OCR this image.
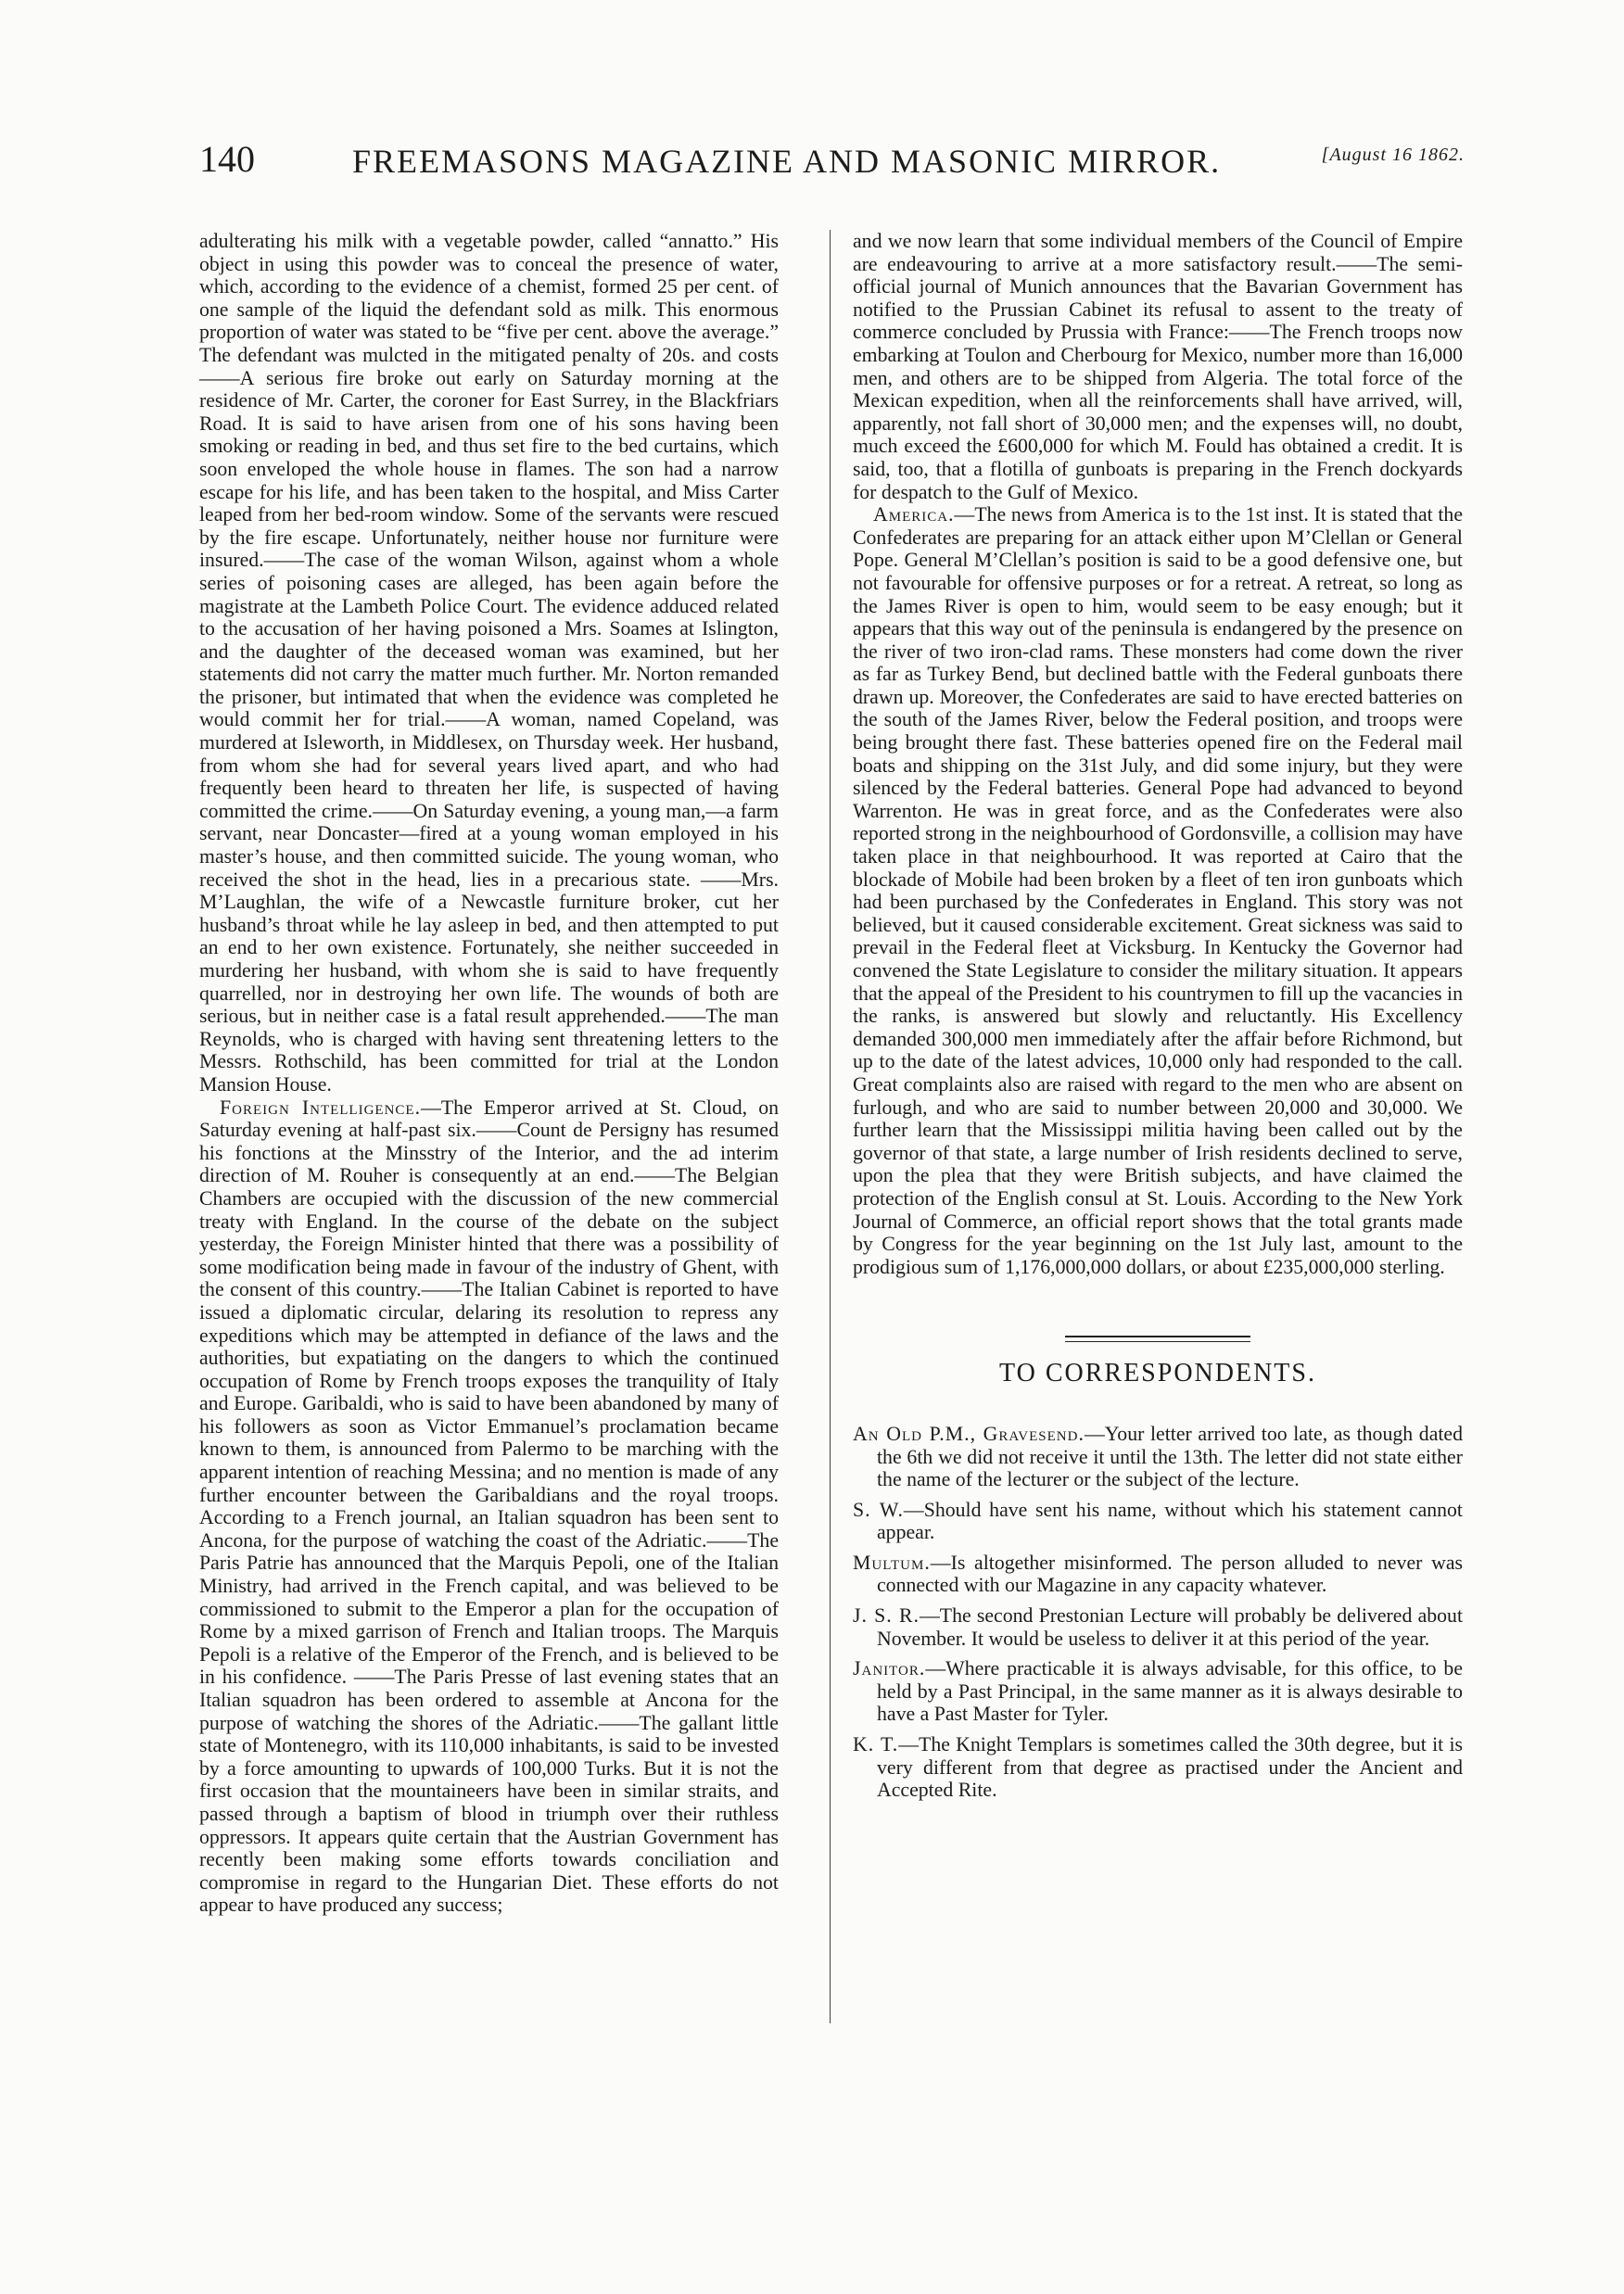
140	FREEMASONS MAGAZINE AND MASONIC MIRROR.	[August 16 1862.

adulterating his milk with a vegetable powder, called “annatto.” His object in using this powder was to conceal the presence of water, which, according to the evidence of a chemist, formed 25 per cent. of one sample of the liquid the defendant sold as milk. This enormous proportion of water was stated to be “five per cent. above the average.” The defendant was mulcted in the mitigated penalty of 20s. and costs——A serious fire broke out early on Saturday morning at the residence of Mr. Carter, the coroner for East Surrey, in the Blackfriars Road. It is said to have arisen from one of his sons having been smoking or reading in bed, and thus set fire to the bed curtains, which soon enveloped the whole house in flames. The son had a narrow escape for his life, and has been taken to the hospital, and Miss Carter leaped from her bed-room window. Some of the servants were rescued by the fire escape. Unfortunately, neither house nor furniture were insured.——The case of the woman Wilson, against whom a whole series of poisoning cases are alleged, has been again before the magistrate at the Lambeth Police Court. The evidence adduced related to the accusation of her having poisoned a Mrs. Soames at Islington, and the daughter of the deceased woman was examined, but her statements did not carry the matter much further. Mr. Norton remanded the prisoner, but intimated that when the evidence was completed he would commit her for trial.——A woman, named Copeland, was murdered at Isleworth, in Middlesex, on Thursday week. Her husband, from whom she had for several years lived apart, and who had frequently been heard to threaten her life, is suspected of having committed the crime.——On Saturday evening, a young man,—a farm servant, near Doncaster—fired at a young woman employed in his master’s house, and then committed suicide. The young woman, who received the shot in the head, lies in a precarious state. ——Mrs. M’Laughlan, the wife of a Newcastle furniture broker, cut her husband’s throat while he lay asleep in bed, and then attempted to put an end to her own existence. Fortunately, she neither succeeded in murdering her husband, with whom she is said to have frequently quarrelled, nor in destroying her own life. The wounds of both are serious, but in neither case is a fatal result apprehended.——The man Reynolds, who is charged with having sent threatening letters to the Messrs. Rothschild, has been committed for trial at the London Mansion House.

Foreign Intelligence.—The Emperor arrived at St. Cloud, on Saturday evening at half-past six.——Count de Persigny has resumed his fonctions at the Minsstry of the Interior, and the ad interim direction of M. Rouher is consequently at an end.——The Belgian Chambers are occupied with the discussion of the new commercial treaty with England. In the course of the debate on the subject yesterday, the Foreign Minister hinted that there was a possibility of some modification being made in favour of the industry of Ghent, with the consent of this country.——The Italian Cabinet is reported to have issued a diplomatic circular, delaring its resolution to repress any expeditions which may be attempted in defiance of the laws and the authorities, but expatiating on the dangers to which the continued occupation of Rome by French troops exposes the tranquility of Italy and Europe. Garibaldi, who is said to have been abandoned by many of his followers as soon as Victor Emmanuel’s proclamation became known to them, is announced from Palermo to be marching with the apparent intention of reaching Messina; and no mention is made of any further encounter between the Garibaldians and the royal troops. According to a French journal, an Italian squadron has been sent to Ancona, for the purpose of watching the coast of the Adriatic.——The Paris Patrie has announced that the Marquis Pepoli, one of the Italian Ministry, had arrived in the French capital, and was believed to be commissioned to submit to the Emperor a plan for the occupation of Rome by a mixed garrison of French and Italian troops. The Marquis Pepoli is a relative of the Emperor of the French, and is believed to be in his confidence. ——The Paris Presse of last evening states that an Italian squadron has been ordered to assemble at Ancona for the purpose of watching the shores of the Adriatic.——The gallant little state of Montenegro, with its 110,000 inhabitants, is said to be invested by a force amounting to upwards of 100,000 Turks. But it is not the first occasion that the mountaineers have been in similar straits, and passed through a baptism of blood in triumph over their ruthless oppressors. It appears quite certain that the Austrian Government has recently been making some efforts towards conciliation and compromise in regard to the Hungarian Diet. These efforts do not appear to have produced any success;

and we now learn that some individual members of the Council of Empire are endeavouring to arrive at a more satisfactory result.——The semi-official journal of Munich announces that the Bavarian Government has notified to the Prussian Cabinet its refusal to assent to the treaty of commerce concluded by Prussia with France:——The French troops now embarking at Toulon and Cherbourg for Mexico, number more than 16,000 men, and others are to be shipped from Algeria. The total force of the Mexican expedition, when all the reinforcements shall have arrived, will, apparently, not fall short of 30,000 men; and the expenses will, no doubt, much exceed the £600,000 for which M. Fould has obtained a credit. It is said, too, that a flotilla of gunboats is preparing in the French dockyards for despatch to the Gulf of Mexico.

America.—The news from America is to the 1st inst. It is stated that the Confederates are preparing for an attack either upon M’Clellan or General Pope. General M’Clellan’s position is said to be a good defensive one, but not favourable for offensive purposes or for a retreat. A retreat, so long as the James River is open to him, would seem to be easy enough; but it appears that this way out of the peninsula is endangered by the presence on the river of two iron-clad rams. These monsters had come down the river as far as Turkey Bend, but declined battle with the Federal gunboats there drawn up. Moreover, the Confederates are said to have erected batteries on the south of the James River, below the Federal position, and troops were being brought there fast. These batteries opened fire on the Federal mail boats and shipping on the 31st July, and did some injury, but they were silenced by the Federal batteries. General Pope had advanced to beyond Warrenton. He was in great force, and as the Confederates were also reported strong in the neighbourhood of Gordonsville, a collision may have taken place in that neighbourhood. It was reported at Cairo that the blockade of Mobile had been broken by a fleet of ten iron gunboats which had been purchased by the Confederates in England. This story was not believed, but it caused considerable excitement. Great sickness was said to prevail in the Federal fleet at Vicksburg. In Kentucky the Governor had convened the State Legislature to consider the military situation. It appears that the appeal of the President to his countrymen to fill up the vacancies in the ranks, is answered but slowly and reluctantly. His Excellency demanded 300,000 men immediately after the affair before Richmond, but up to the date of the latest advices, 10,000 only had responded to the call. Great complaints also are raised with regard to the men who are absent on furlough, and who are said to number between 20,000 and 30,000. We further learn that the Mississippi militia having been called out by the governor of that state, a large number of Irish residents declined to serve, upon the plea that they were British subjects, and have claimed the protection of the English consul at St. Louis. According to the New York Journal of Commerce, an official report shows that the total grants made by Congress for the year beginning on the 1st July last, amount to the prodigious sum of 1,176,000,000 dollars, or about £235,000,000 sterling.

TO CORRESPONDENTS.

An Old P.M., Gravesend.—Your letter arrived too late, as though dated the 6th we did not receive it until the 13th. The letter did not state either the name of the lecturer or the subject of the lecture.

S. W.—Should have sent his name, without which his statement cannot appear.

Multum.—Is altogether misinformed. The person alluded to never was connected with our Magazine in any capacity whatever.

J. S. R.—The second Prestonian Lecture will probably be delivered about November. It would be useless to deliver it at this period of the year.

Janitor.—Where practicable it is always advisable, for this office, to be held by a Past Principal, in the same manner as it is always desirable to have a Past Master for Tyler.

K. T.—The Knight Templars is sometimes called the 30th degree, but it is very different from that degree as practised under the Ancient and Accepted Rite.
